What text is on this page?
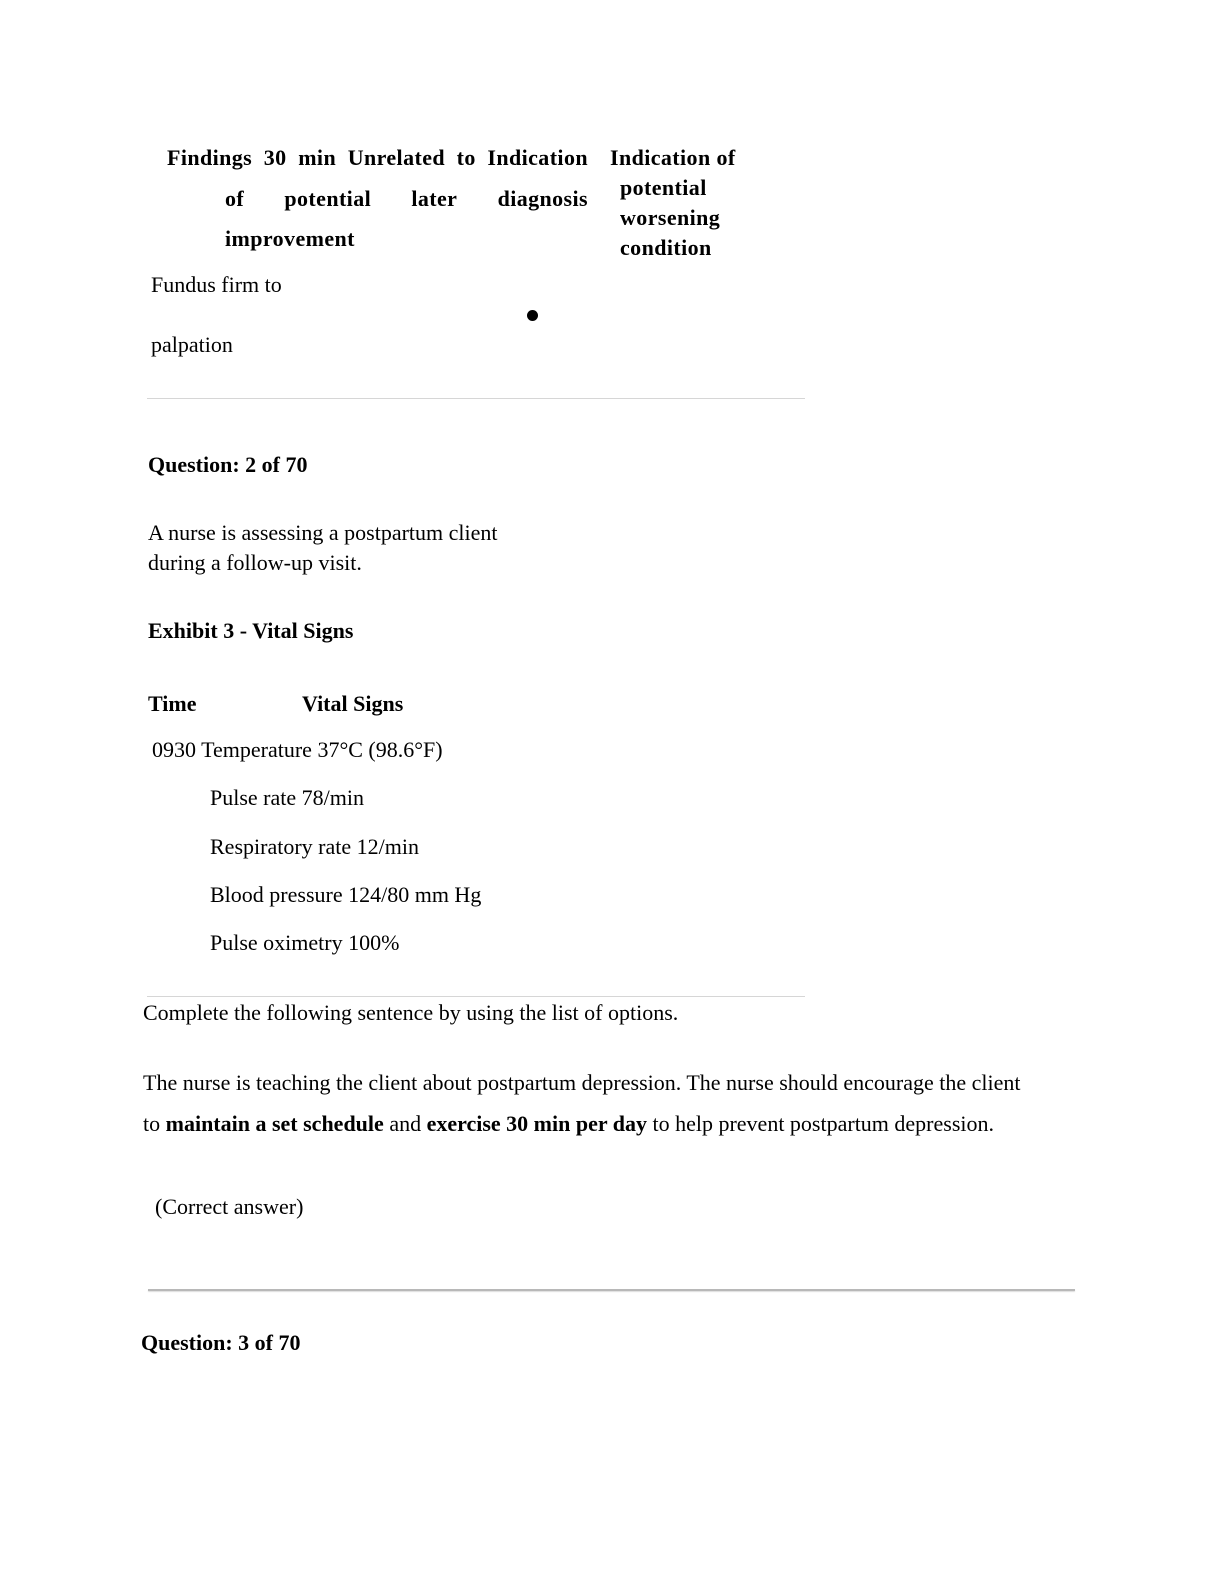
Findings 30 min Unrelated to Indication
of potential later diagnosis
improvement
Indication of
potential
worsening
condition
Fundus firm to
palpation
Question: 2 of 70
A nurse is assessing a postpartum client
during a follow-up visit.
Exhibit 3 - Vital Signs
Time	Vital Signs
0930 Temperature 37°C (98.6°F)
Pulse rate 78/min
Respiratory rate 12/min
Blood pressure 124/80 mm Hg
Pulse oximetry 100%
Complete the following sentence by using the list of options.
The nurse is teaching the client about postpartum depression. The nurse should encourage the client to maintain a set schedule and exercise 30 min per day to help prevent postpartum depression.
(Correct answer)
Question: 3 of 70
